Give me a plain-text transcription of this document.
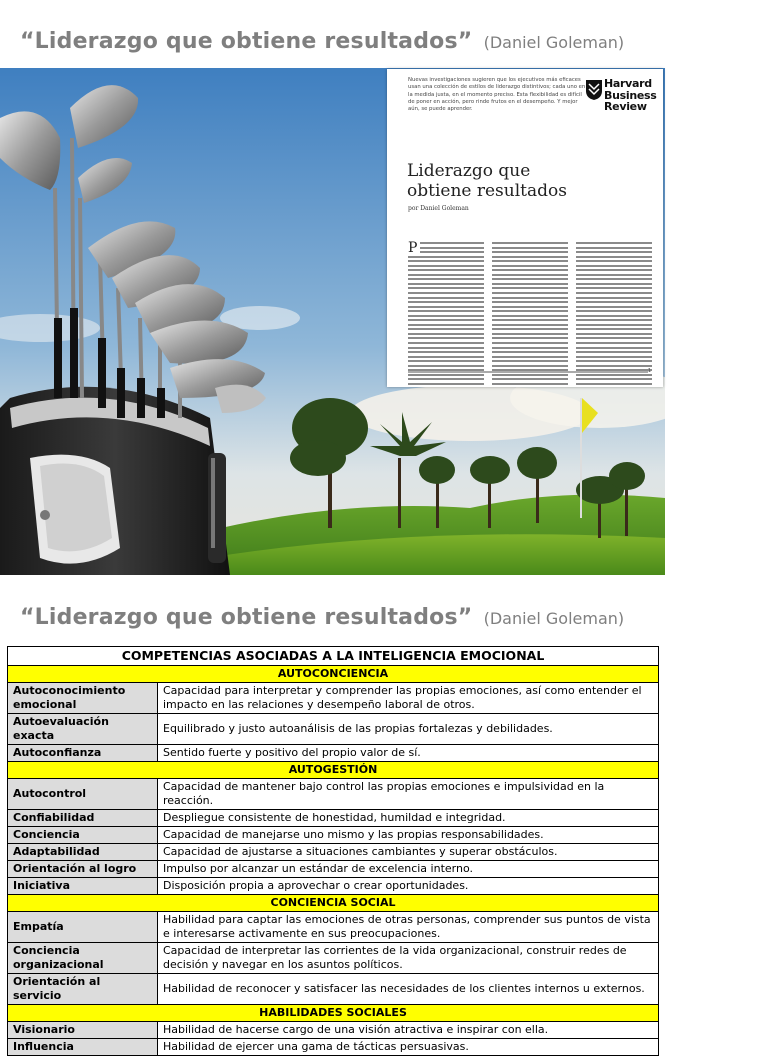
“Liderazgo que obtiene resultados” (Daniel Goleman)
Nuevas investigaciones sugieren que los ejecutivos más eficaces usan una colección de estilos de liderazgo distintivos; cada uno en la medida justa, en el momento preciso. Esta flexibilidad es difícil de poner en acción, pero rinde frutos en el desempeño. Y mejor aún, se puede aprender.
Harvard
Business
Review
Liderazgo que
obtiene resultados
por Daniel Goleman
P
1
“Liderazgo que obtiene resultados” (Daniel Goleman)
COMPETENCIAS ASOCIADAS A LA INTELIGENCIA EMOCIONAL	
AUTOCONCIENCIA	
Autoconocimiento emocional	Capacidad para interpretar y comprender las propias emociones, así como entender el impacto en las relaciones y desempeño laboral de otros.
Autoevaluación exacta	Equilibrado y justo autoanálisis de las propias fortalezas y debilidades.
Autoconfianza	Sentido fuerte y positivo del propio valor de sí.
AUTOGESTIÓN	
Autocontrol	Capacidad de mantener bajo control las propias emociones e impulsividad en la reacción.
Confiabilidad	Despliegue consistente de honestidad, humildad e integridad.
Conciencia	Capacidad de manejarse uno mismo y las propias responsabilidades.
Adaptabilidad	Capacidad de ajustarse a situaciones cambiantes y superar obstáculos.
Orientación al logro	Impulso por alcanzar un estándar de excelencia interno.
Iniciativa	Disposición propia a aprovechar o crear oportunidades.
CONCIENCIA SOCIAL	
Empatía	Habilidad para captar las emociones de otras personas, comprender sus puntos de vista e interesarse activamente en sus preocupaciones.
Conciencia organizacional	Capacidad de interpretar las corrientes de la vida organizacional, construir redes de decisión y navegar en los asuntos políticos.
Orientación al servicio	Habilidad de reconocer y satisfacer las necesidades de los clientes internos u externos.
HABILIDADES SOCIALES	
Visionario	Habilidad de hacerse cargo de una visión atractiva e inspirar con ella.
Influencia	Habilidad de ejercer una gama de tácticas persuasivas.
